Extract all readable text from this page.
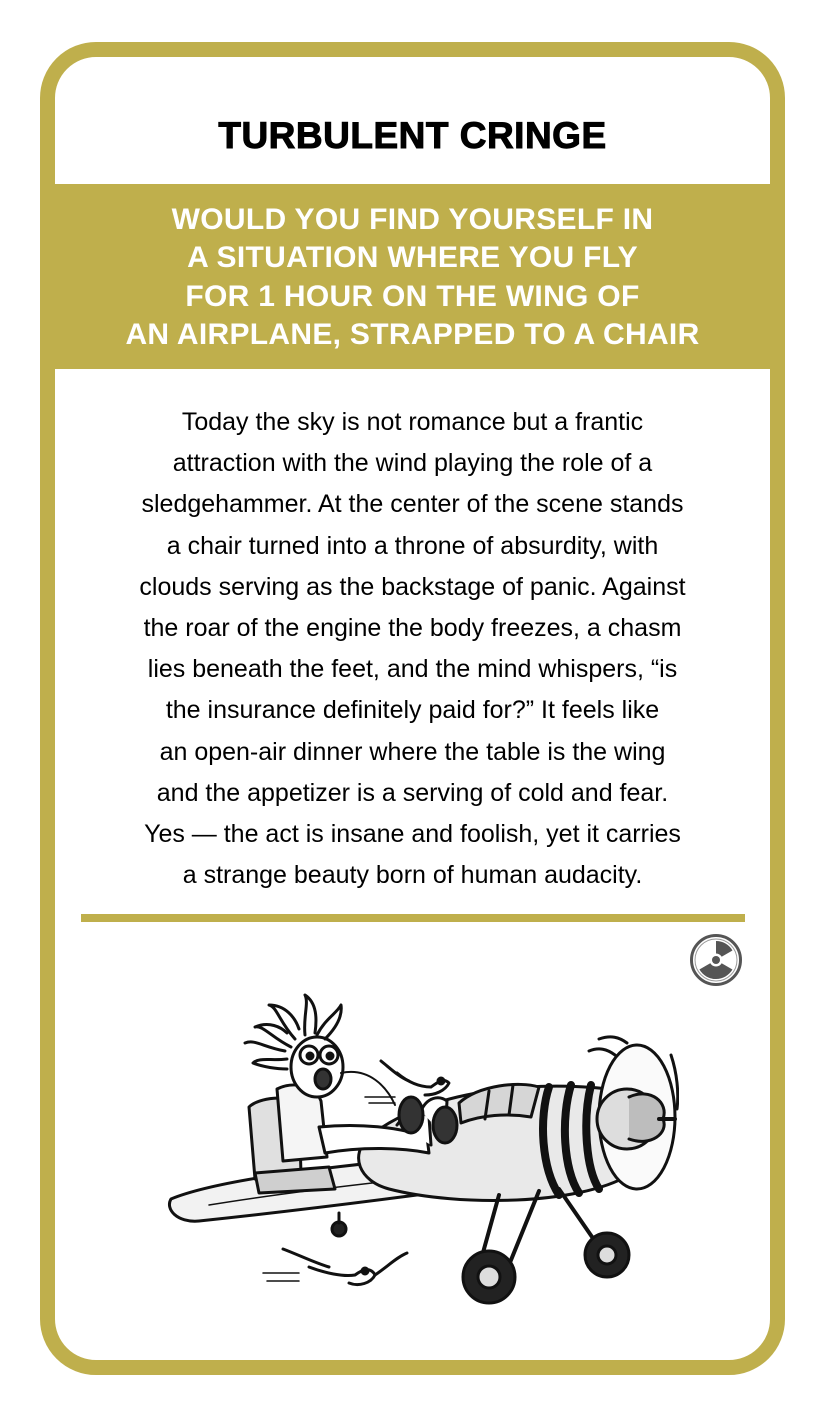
TURBULENT CRINGE
WOULD YOU FIND YOURSELF IN
A SITUATION WHERE YOU FLY
FOR 1 HOUR ON THE WING OF
AN AIRPLANE, STRAPPED TO A CHAIR
Today the sky is not romance but a frantic
attraction with the wind playing the role of a
sledgehammer. At the center of the scene stands
a chair turned into a throne of absurdity, with
clouds serving as the backstage of panic. Against
the roar of the engine the body freezes, a chasm
lies beneath the feet, and the mind whispers, “is
the insurance definitely paid for?” It feels like
an open-air dinner where the table is the wing
and the appetizer is a serving of cold and fear.
Yes — the act is insane and foolish, yet it carries
a strange beauty born of human audacity.
